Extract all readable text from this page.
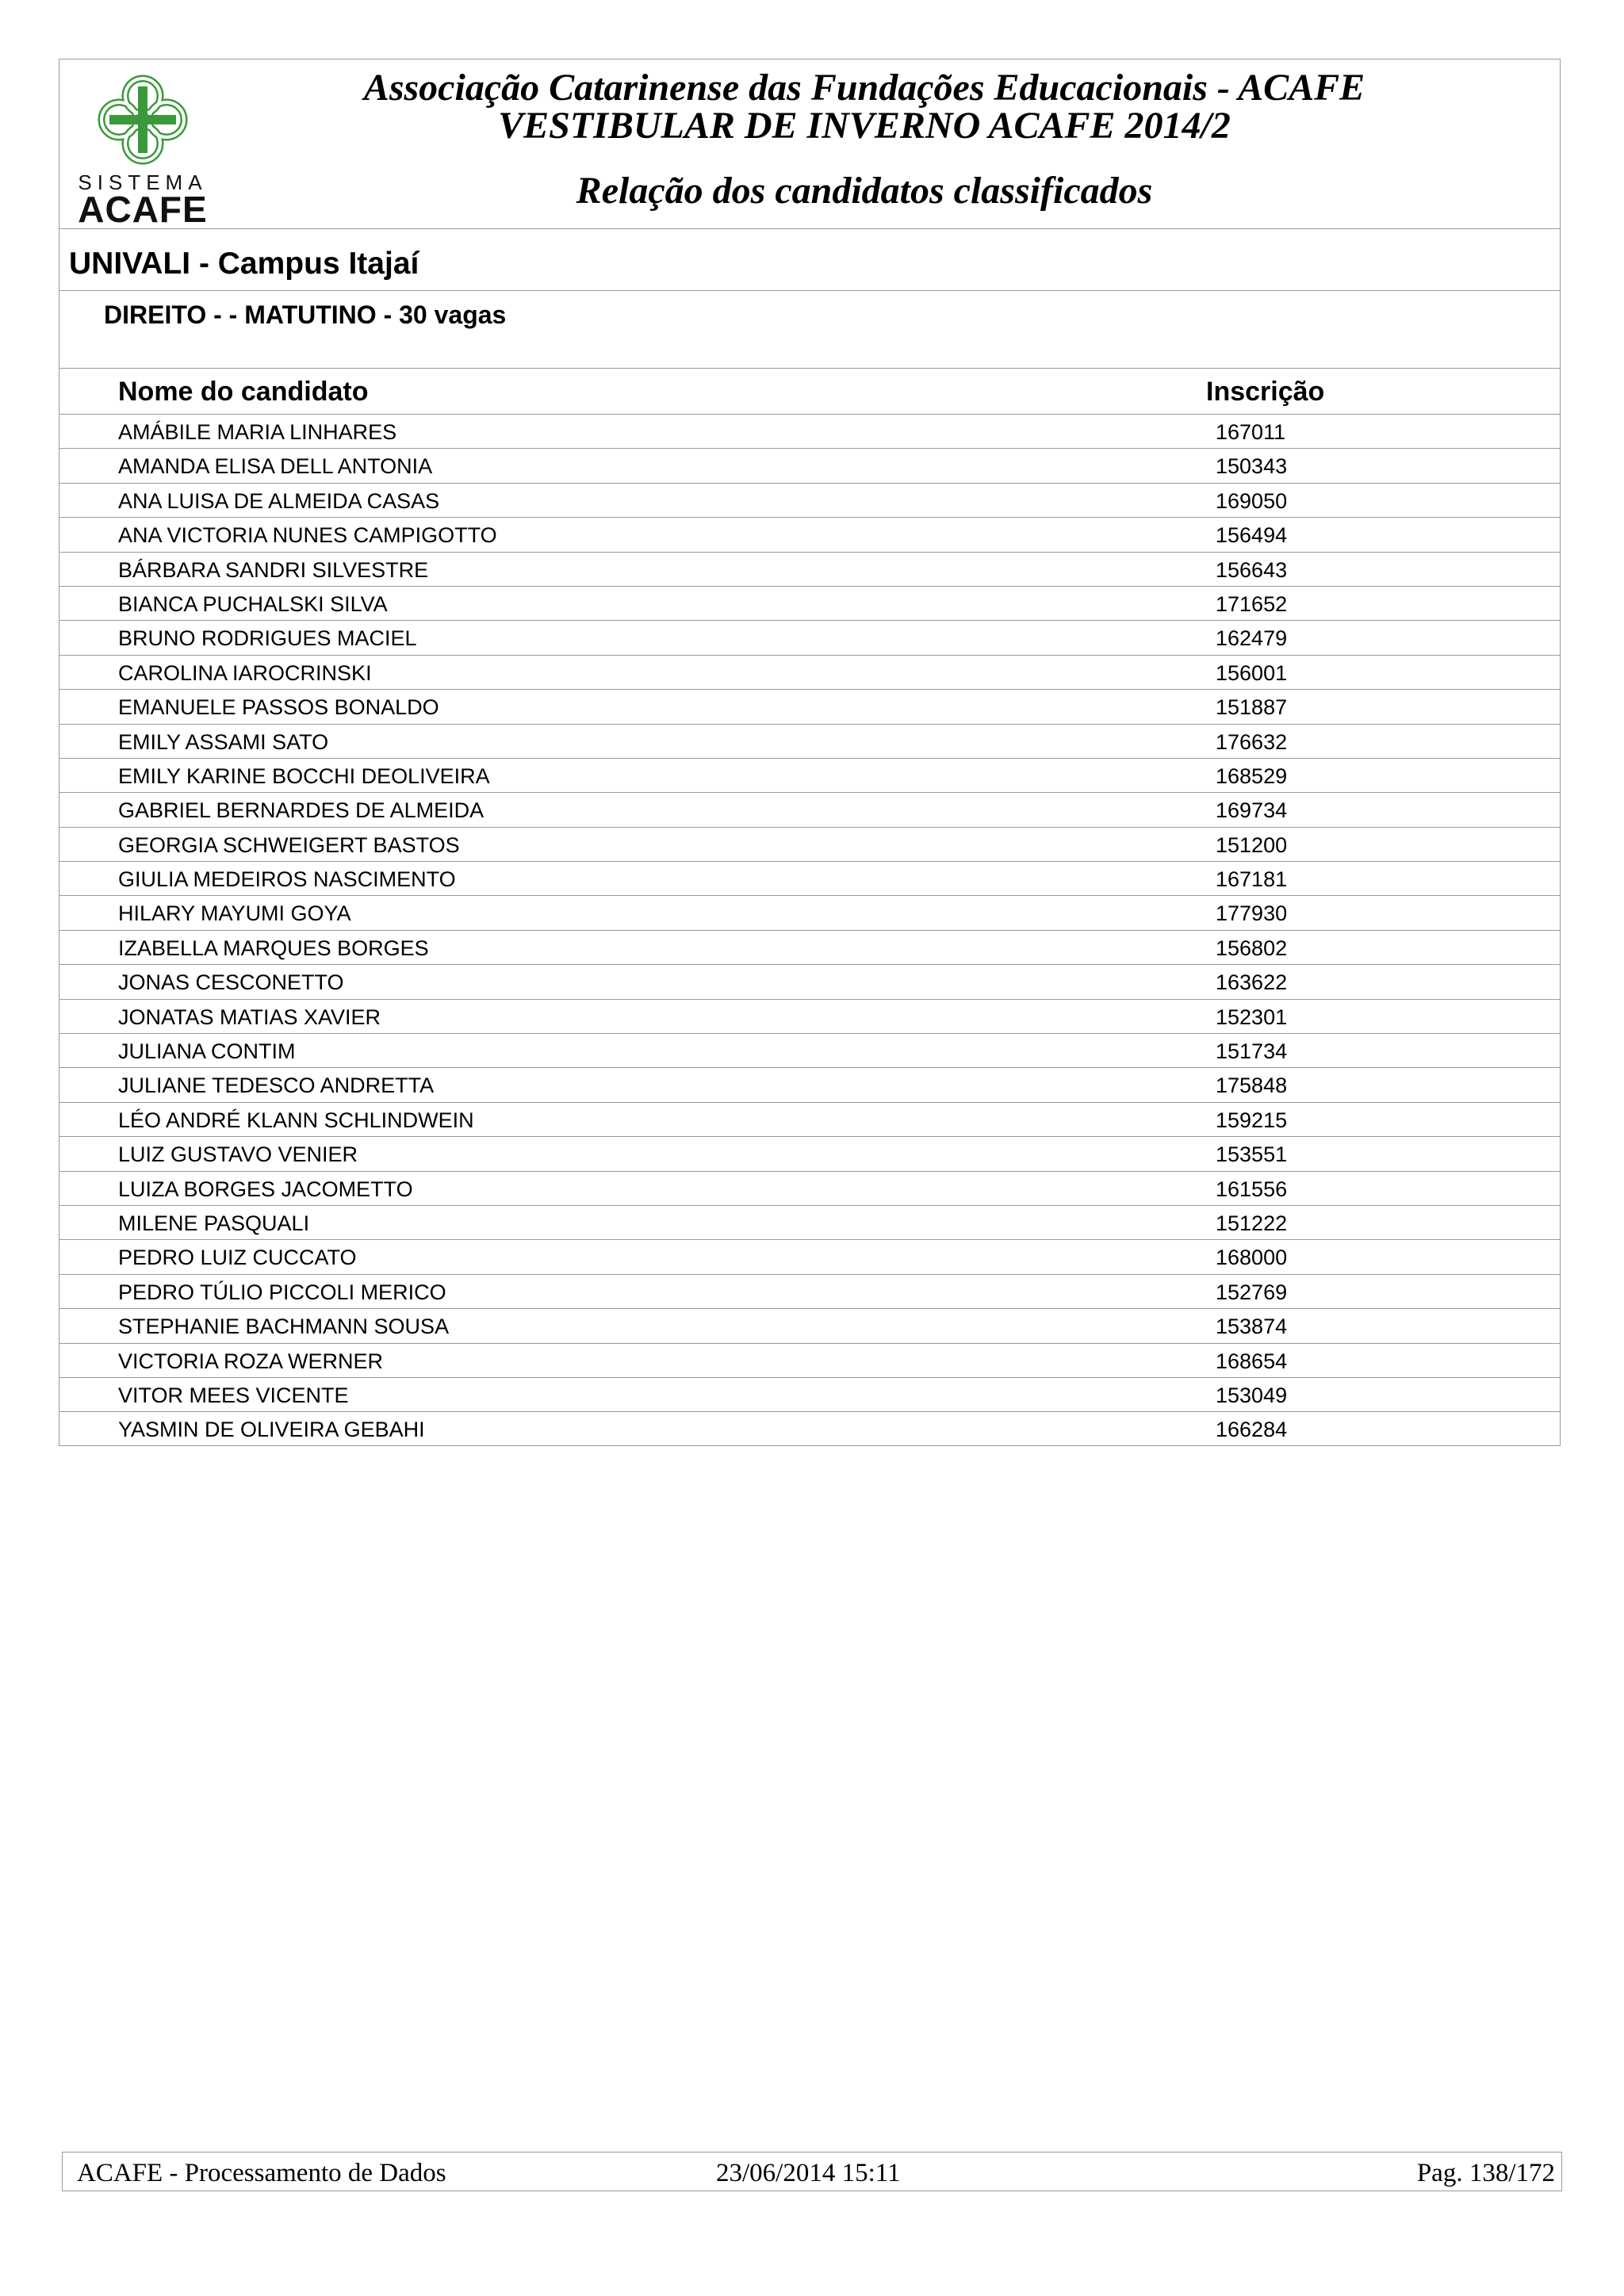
SISTEMA
ACAFE
Associação Catarinense das Fundações Educacionais - ACAFE
VESTIBULAR DE INVERNO ACAFE 2014/2
Relação dos candidatos classificados
UNIVALI - Campus Itajaí
DIREITO - - MATUTINO - 30 vagas
Nome do candidato	Inscrição
AMÁBILE MARIA LINHARES	167011
AMANDA ELISA DELL ANTONIA	150343
ANA LUISA DE ALMEIDA CASAS	169050
ANA VICTORIA NUNES CAMPIGOTTO	156494
BÁRBARA SANDRI SILVESTRE	156643
BIANCA PUCHALSKI SILVA	171652
BRUNO RODRIGUES MACIEL	162479
CAROLINA IAROCRINSKI	156001
EMANUELE PASSOS BONALDO	151887
EMILY ASSAMI SATO	176632
EMILY KARINE BOCCHI DEOLIVEIRA	168529
GABRIEL BERNARDES DE ALMEIDA	169734
GEORGIA SCHWEIGERT BASTOS	151200
GIULIA MEDEIROS NASCIMENTO	167181
HILARY MAYUMI GOYA	177930
IZABELLA MARQUES BORGES	156802
JONAS CESCONETTO	163622
JONATAS MATIAS XAVIER	152301
JULIANA CONTIM	151734
JULIANE TEDESCO ANDRETTA	175848
LÉO ANDRÉ KLANN SCHLINDWEIN	159215
LUIZ GUSTAVO VENIER	153551
LUIZA BORGES JACOMETTO	161556
MILENE PASQUALI	151222
PEDRO LUIZ CUCCATO	168000
PEDRO TÚLIO PICCOLI MERICO	152769
STEPHANIE BACHMANN SOUSA	153874
VICTORIA ROZA WERNER	168654
VITOR MEES VICENTE	153049
YASMIN DE OLIVEIRA GEBAHI	166284
ACAFE - Processamento de Dados	23/06/2014 15:11	Pag. 138/172
